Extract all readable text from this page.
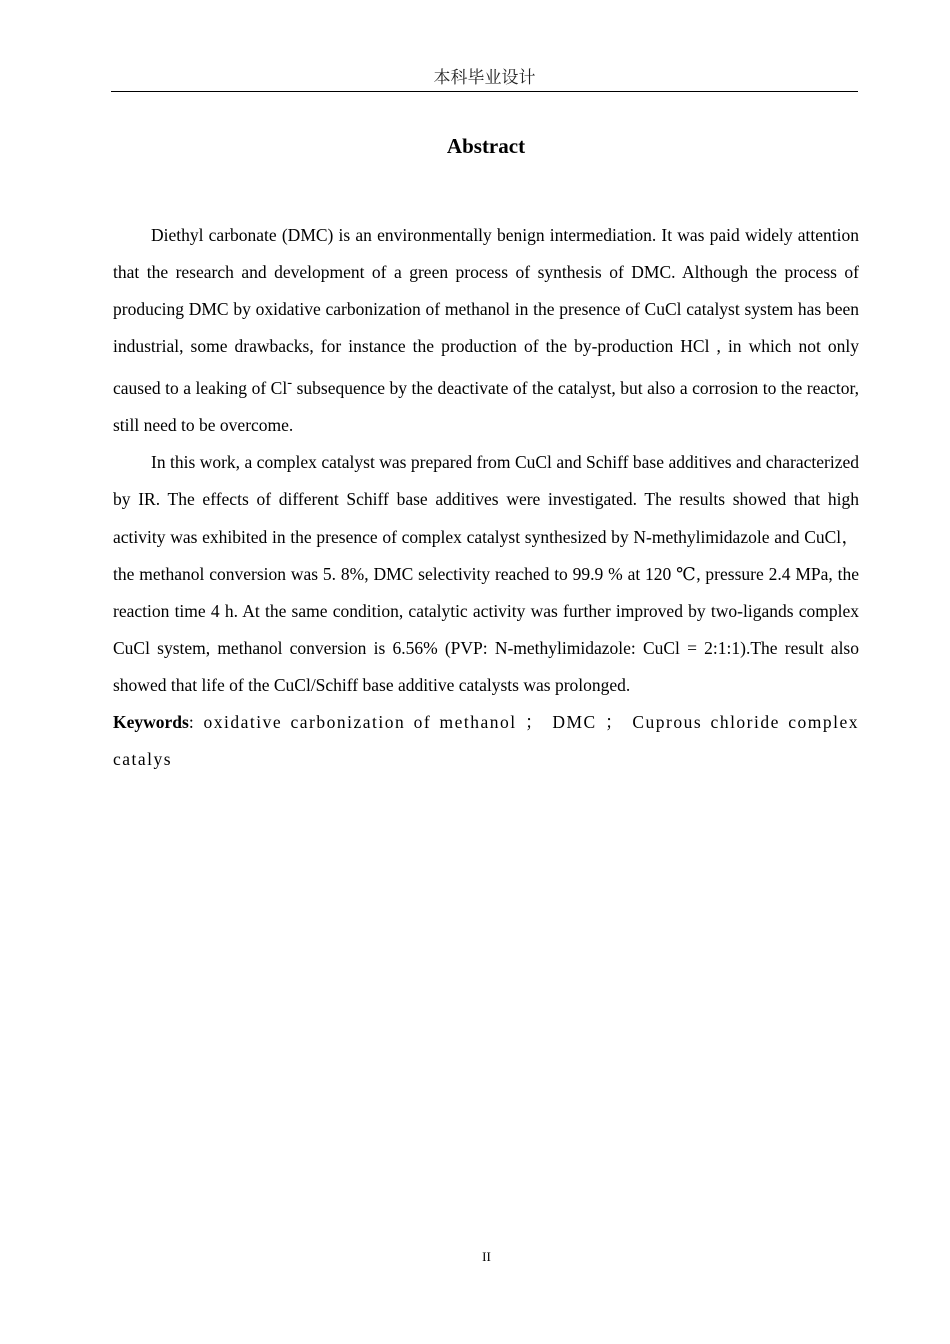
本科毕业设计
Abstract

Diethyl carbonate (DMC) is an environmentally benign intermediation. It was paid widely attention that the research and development of a green process of synthesis of DMC. Although the process of producing DMC by oxidative carbonization of methanol in the presence of CuCl catalyst system has been industrial, some drawbacks, for instance the production of the by-production HCl , in which not only caused to a leaking of Cl- subsequence by the deactivate of the catalyst, but also a corrosion to the reactor, still need to be overcome.

In this work, a complex catalyst was prepared from CuCl and Schiff base additives and characterized by IR. The effects of different Schiff base additives were investigated. The results showed that high activity was exhibited in the presence of complex catalyst synthesized by N-methylimidazole and CuCl， the methanol conversion was 5. 8%, DMC selectivity reached to 99.9 % at 120 ℃, pressure 2.4 MPa, the reaction time 4 h. At the same condition, catalytic activity was further improved by two-ligands complex CuCl system, methanol conversion is 6.56% (PVP: N-methylimidazole: CuCl = 2:1:1).The result also showed that life of the CuCl/Schiff base additive catalysts was prolonged.

Keywords: oxidative carbonization of methanol ； DMC ； Cuprous chloride complex catalys

II
